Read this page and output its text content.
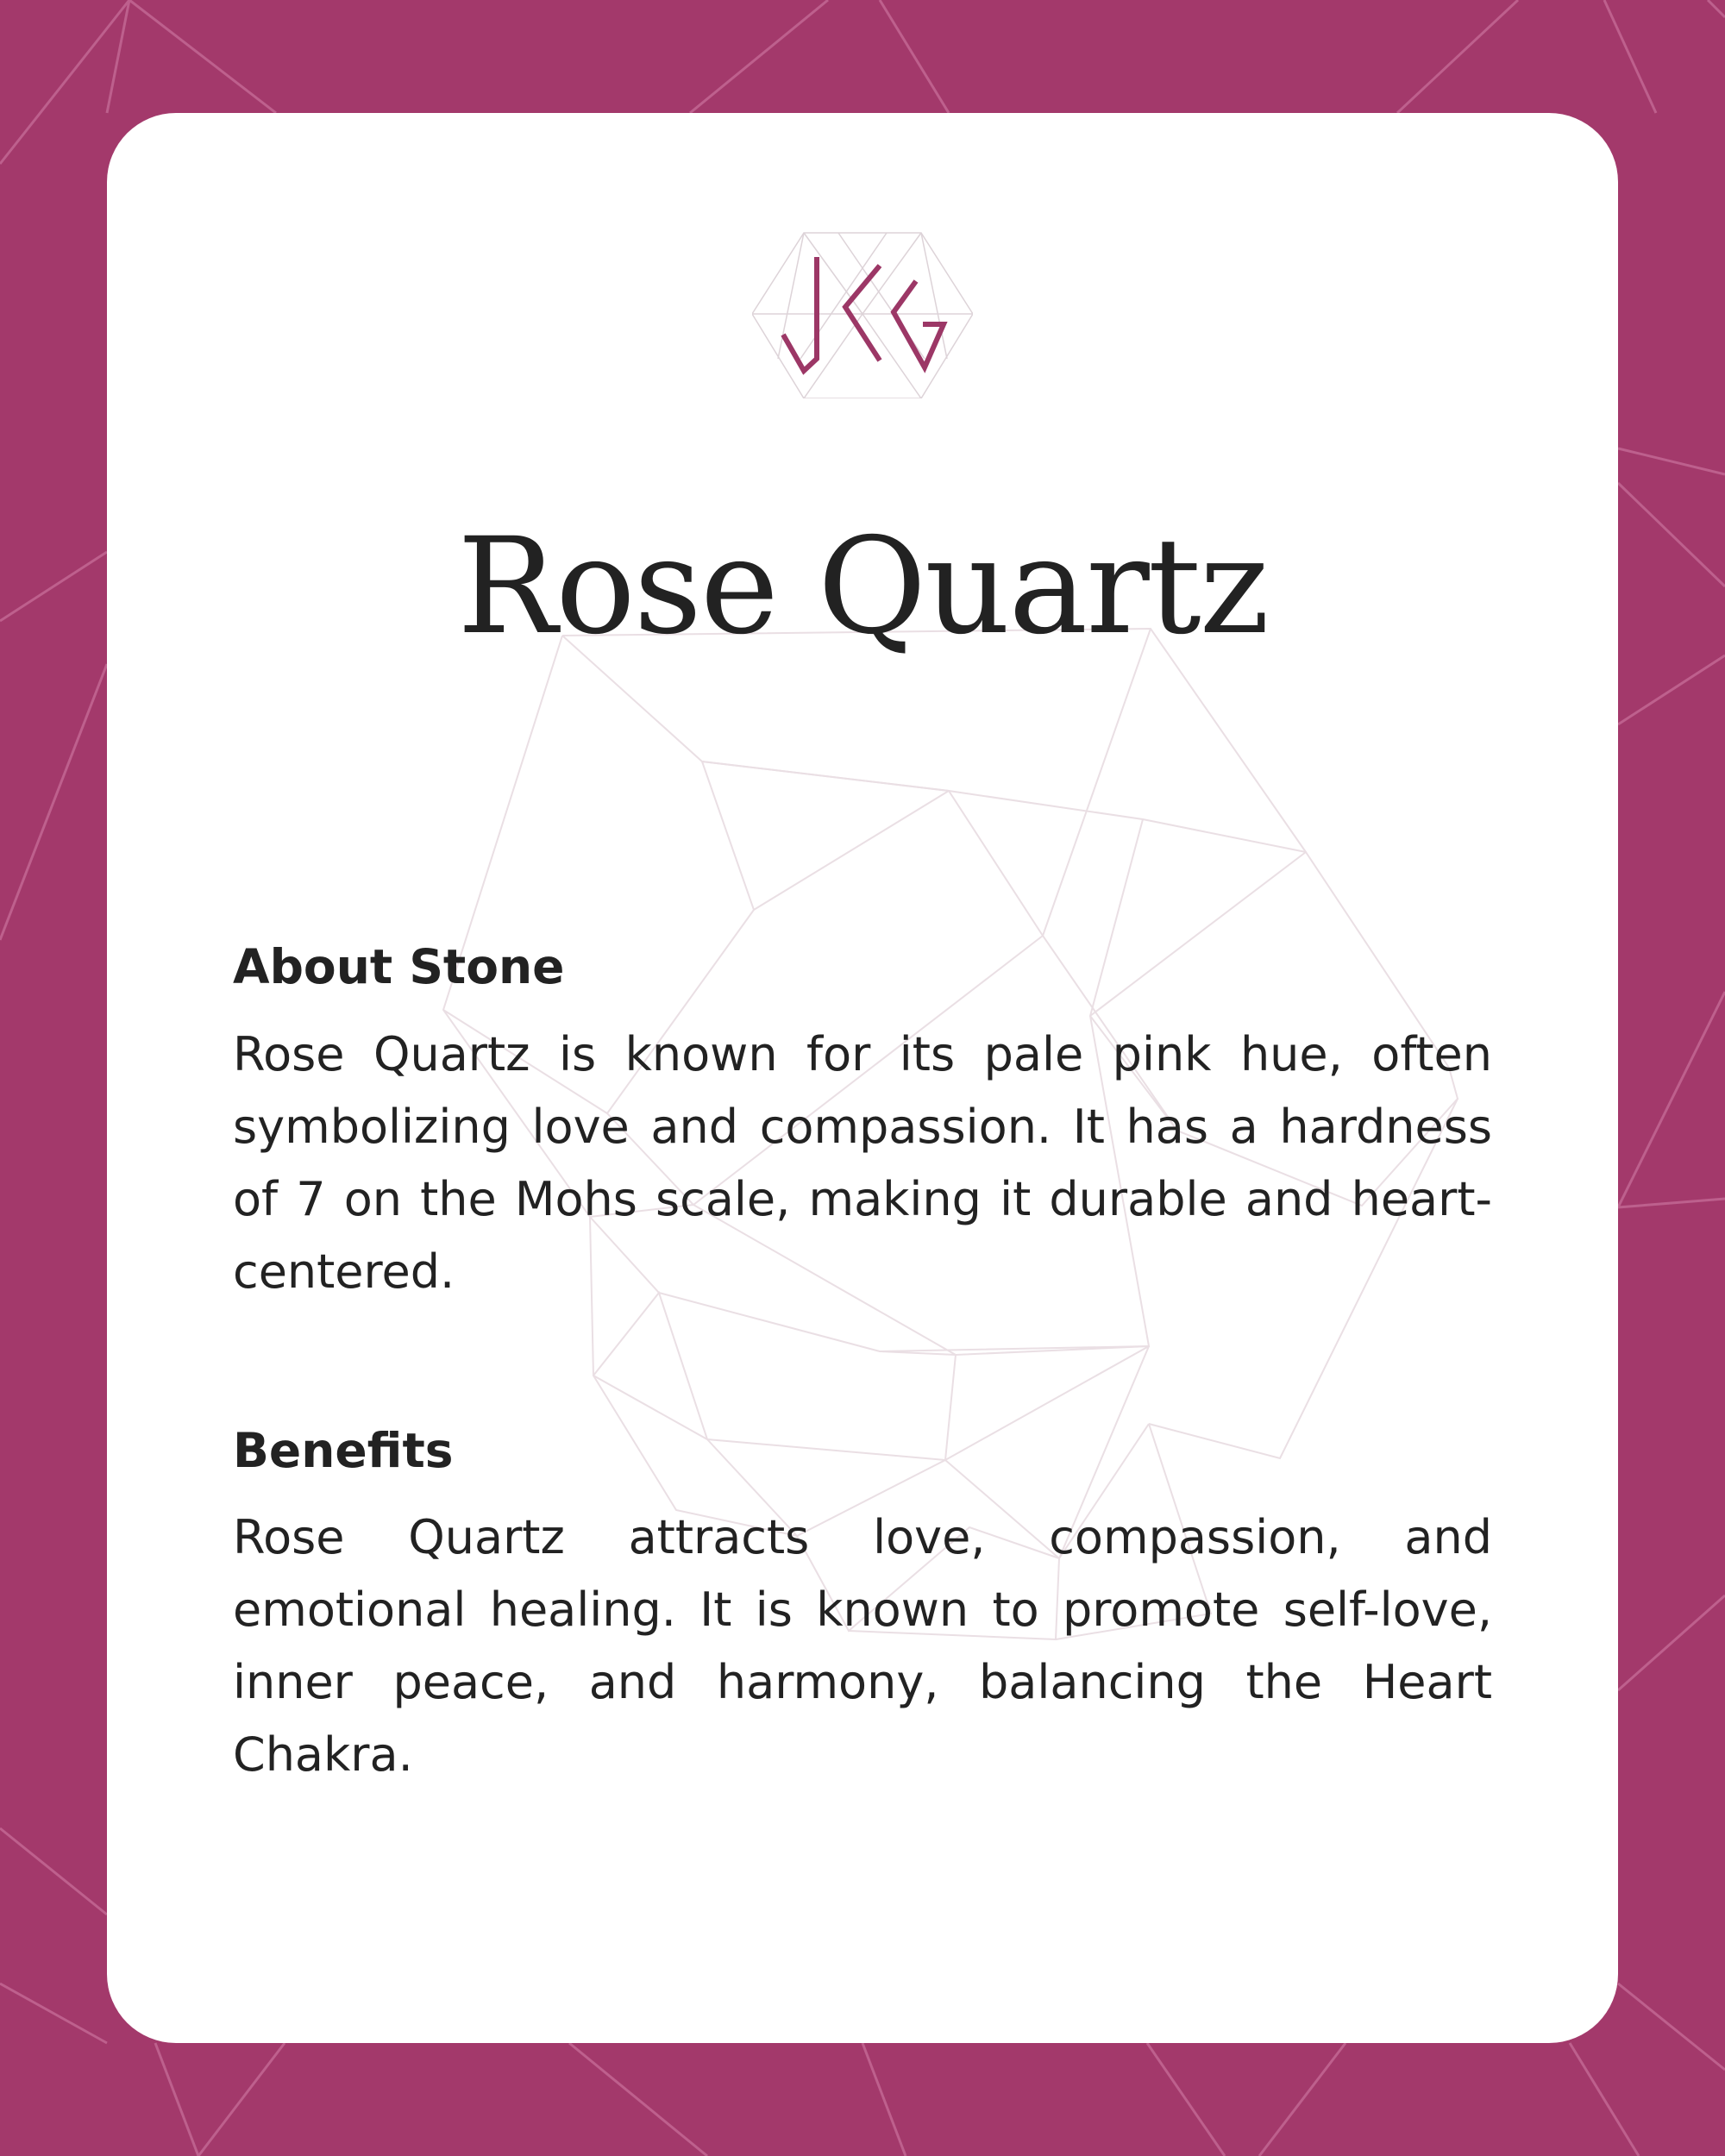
Rose Quartz
About Stone

Rose Quartz is known for its pale pink hue, often symbolizing love and compassion. It has a hardness of 7 on the Mohs scale, making it durable and heart-centered.

Benefits

Rose Quartz attracts love, compassion, and emotional healing. It is known to promote self-love, inner peace, and harmony, balancing the Heart Chakra.
